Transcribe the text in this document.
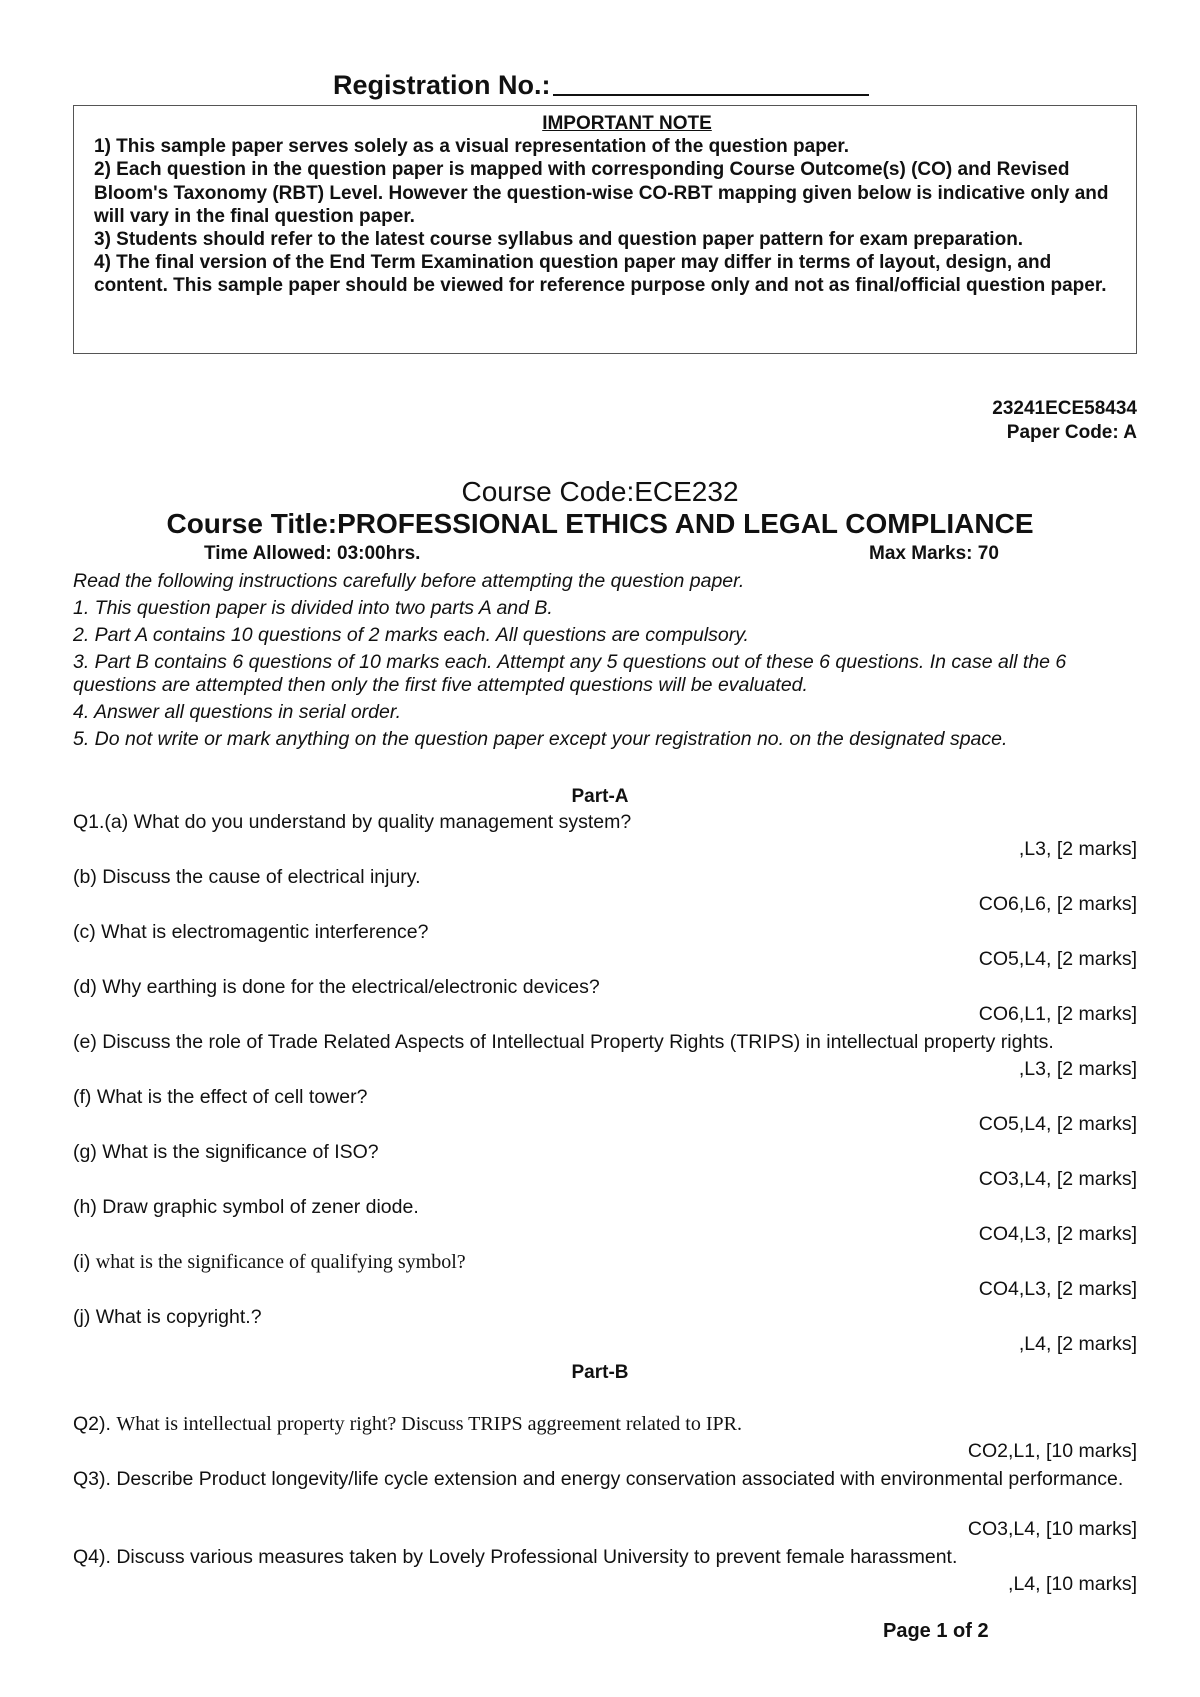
Registration No.:
IMPORTANT NOTE
1) This sample paper serves solely as a visual representation of the question paper.
2) Each question in the question paper is mapped with corresponding Course Outcome(s) (CO) and Revised Bloom's Taxonomy (RBT) Level. However the question-wise CO-RBT mapping given below is indicative only and will vary in the final question paper.
3) Students should refer to the latest course syllabus and question paper pattern for exam preparation.
4) The final version of the End Term Examination question paper may differ in terms of layout, design, and content. This sample paper should be viewed for reference purpose only and not as final/official question paper.
23241ECE58434
Paper Code: A
Course Code:ECE232
Course Title:PROFESSIONAL ETHICS AND LEGAL COMPLIANCE
Time Allowed: 03:00hrs.	Max Marks: 70
Read the following instructions carefully before attempting the question paper.
1. This question paper is divided into two parts A and B.
2. Part A contains 10 questions of 2 marks each. All questions are compulsory.
3. Part B contains 6 questions of 10 marks each. Attempt any 5 questions out of these 6 questions. In case all the 6 questions are attempted then only the first five attempted questions will be evaluated.
4. Answer all questions in serial order.
5. Do not write or mark anything on the question paper except your registration no. on the designated space.
Part-A
Q1.(a) What do you understand by quality management system?
,L3, [2 marks]
(b) Discuss the cause of electrical injury.
CO6,L6, [2 marks]
(c) What is electromagentic interference?
CO5,L4, [2 marks]
(d) Why earthing is done for the electrical/electronic devices?
CO6,L1, [2 marks]
(e) Discuss the role of Trade Related Aspects of Intellectual Property Rights (TRIPS) in intellectual property rights.
,L3, [2 marks]
(f) What is the effect of cell tower?
CO5,L4, [2 marks]
(g) What is the significance of ISO?
CO3,L4, [2 marks]
(h) Draw graphic symbol of zener diode.
CO4,L3, [2 marks]
(i) what is the significance of qualifying symbol?
CO4,L3, [2 marks]
(j) What is copyright.?
,L4, [2 marks]
Part-B
Q2). What is intellectual property right? Discuss TRIPS aggreement related to IPR.
CO2,L1, [10 marks]
Q3). Describe Product longevity/life cycle extension and energy conservation associated with environmental performance.
CO3,L4, [10 marks]
Q4). Discuss various measures taken by Lovely Professional University to prevent female harassment.
,L4, [10 marks]
Page 1 of 2
